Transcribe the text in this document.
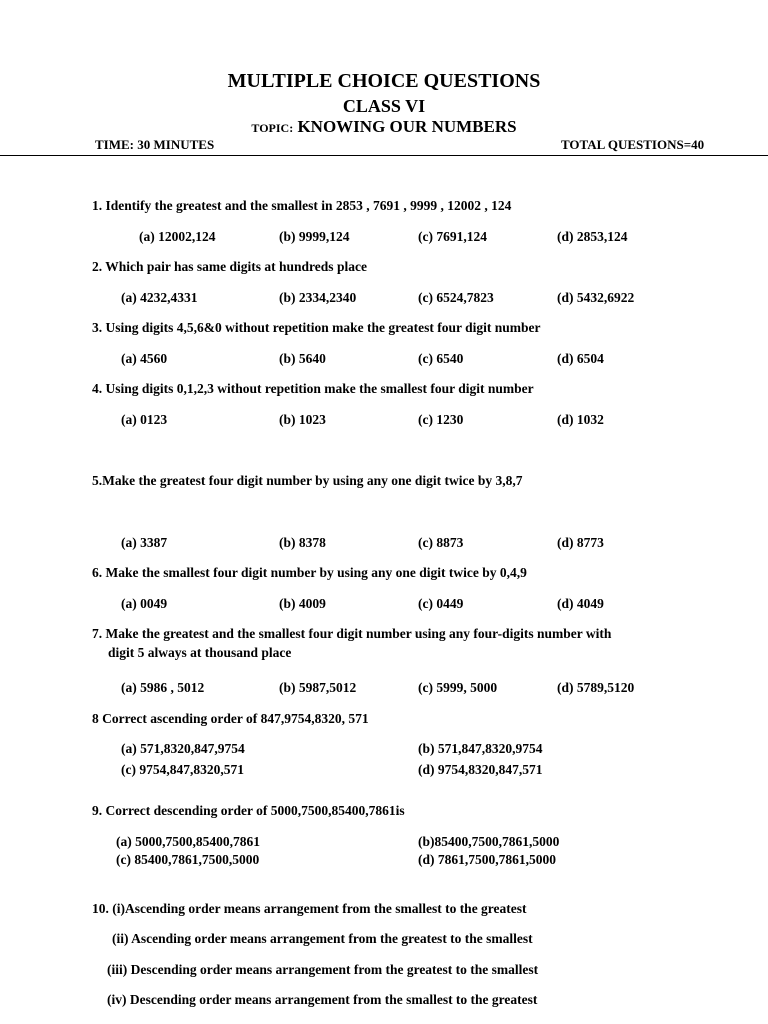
MULTIPLE CHOICE QUESTIONS
CLASS VI
TOPIC: KNOWING OUR NUMBERS
TIME: 30 MINUTES	TOTAL QUESTIONS=40
1. Identify the greatest and the smallest in 2853 , 7691 , 9999 , 12002 , 124
(a) 12002,124	(b) 9999,124	(c) 7691,124	(d) 2853,124
2. Which pair has same digits at hundreds place
(a) 4232,4331	(b) 2334,2340	(c) 6524,7823	(d) 5432,6922
3. Using digits 4,5,6&0 without repetition make the greatest four digit number
(a) 4560	(b) 5640	(c) 6540	(d) 6504
4. Using digits 0,1,2,3 without repetition make the smallest four digit number
(a) 0123	(b) 1023	(c) 1230	(d) 1032
5.Make the greatest four digit number by using any one digit twice by 3,8,7
(a) 3387	(b) 8378	(c) 8873	(d) 8773
6. Make the smallest four digit number by using any one digit twice by 0,4,9
(a) 0049	(b) 4009	(c) 0449	(d) 4049
7. Make the greatest and the smallest four digit number using any four-digits number with
digit 5 always at thousand place
(a) 5986 , 5012	(b) 5987,5012	(c) 5999, 5000	(d) 5789,5120
8 Correct ascending order of 847,9754,8320, 571
(a) 571,8320,847,9754	(b) 571,847,8320,9754
(c) 9754,847,8320,571	(d) 9754,8320,847,571
9. Correct descending order of 5000,7500,85400,7861is
(a) 5000,7500,85400,7861	(b)85400,7500,7861,5000
(c) 85400,7861,7500,5000	(d) 7861,7500,7861,5000
10. (i)Ascending order means arrangement from the smallest to the greatest
(ii) Ascending order means arrangement from the greatest to the smallest
(iii) Descending order means arrangement from the greatest to the smallest
(iv) Descending order means arrangement from the smallest to the greatest
